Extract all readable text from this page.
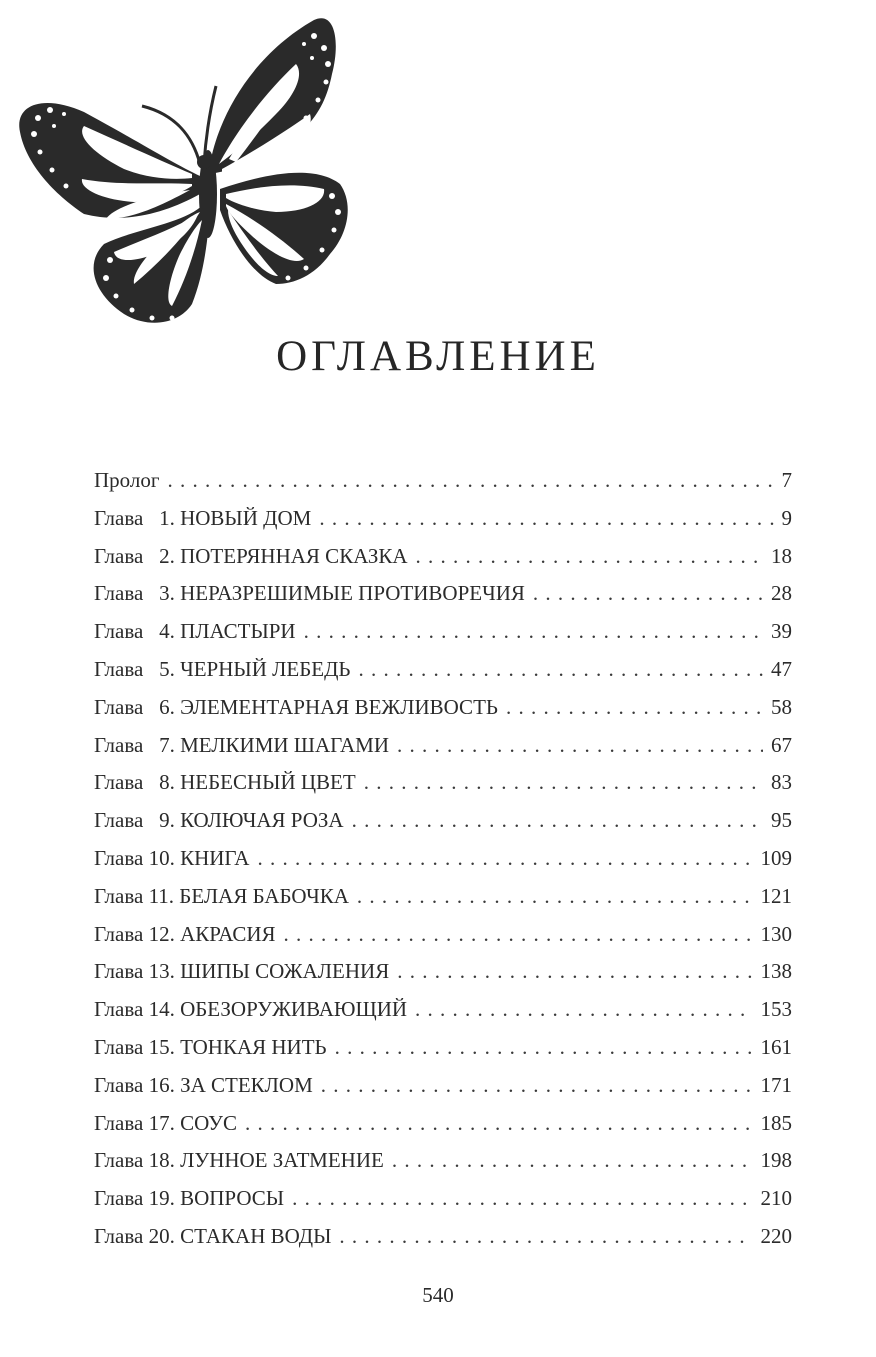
ОГЛАВЛЕНИЕ
Пролог . . .	7
Глава   1. НОВЫЙ ДОМ . . .	9
Глава   2. ПОТЕРЯННАЯ СКАЗКА . . .	18
Глава   3. НЕРАЗРЕШИМЫЕ ПРОТИВОРЕЧИЯ . . .	28
Глава   4. ПЛАСТЫРИ . . .	39
Глава   5. ЧЕРНЫЙ ЛЕБЕДЬ . . .	47
Глава   6. ЭЛЕМЕНТАРНАЯ ВЕЖЛИВОСТЬ . . .	58
Глава   7. МЕЛКИМИ ШАГАМИ . . .	67
Глава   8. НЕБЕСНЫЙ ЦВЕТ . . .	83
Глава   9. КОЛЮЧАЯ РОЗА . . .	95
Глава 10. КНИГА . . .	109
Глава 11. БЕЛАЯ БАБОЧКА . . .	121
Глава 12. АКРАСИЯ . . .	130
Глава 13. ШИПЫ СОЖАЛЕНИЯ . . .	138
Глава 14. ОБЕЗОРУЖИВАЮЩИЙ . . .	153
Глава 15. ТОНКАЯ НИТЬ . . .	161
Глава 16. ЗА СТЕКЛОМ . . .	171
Глава 17. СОУС . . .	185
Глава 18. ЛУННОЕ ЗАТМЕНИЕ . . .	198
Глава 19. ВОПРОСЫ . . .	210
Глава 20. СТАКАН ВОДЫ . . .	220
540
